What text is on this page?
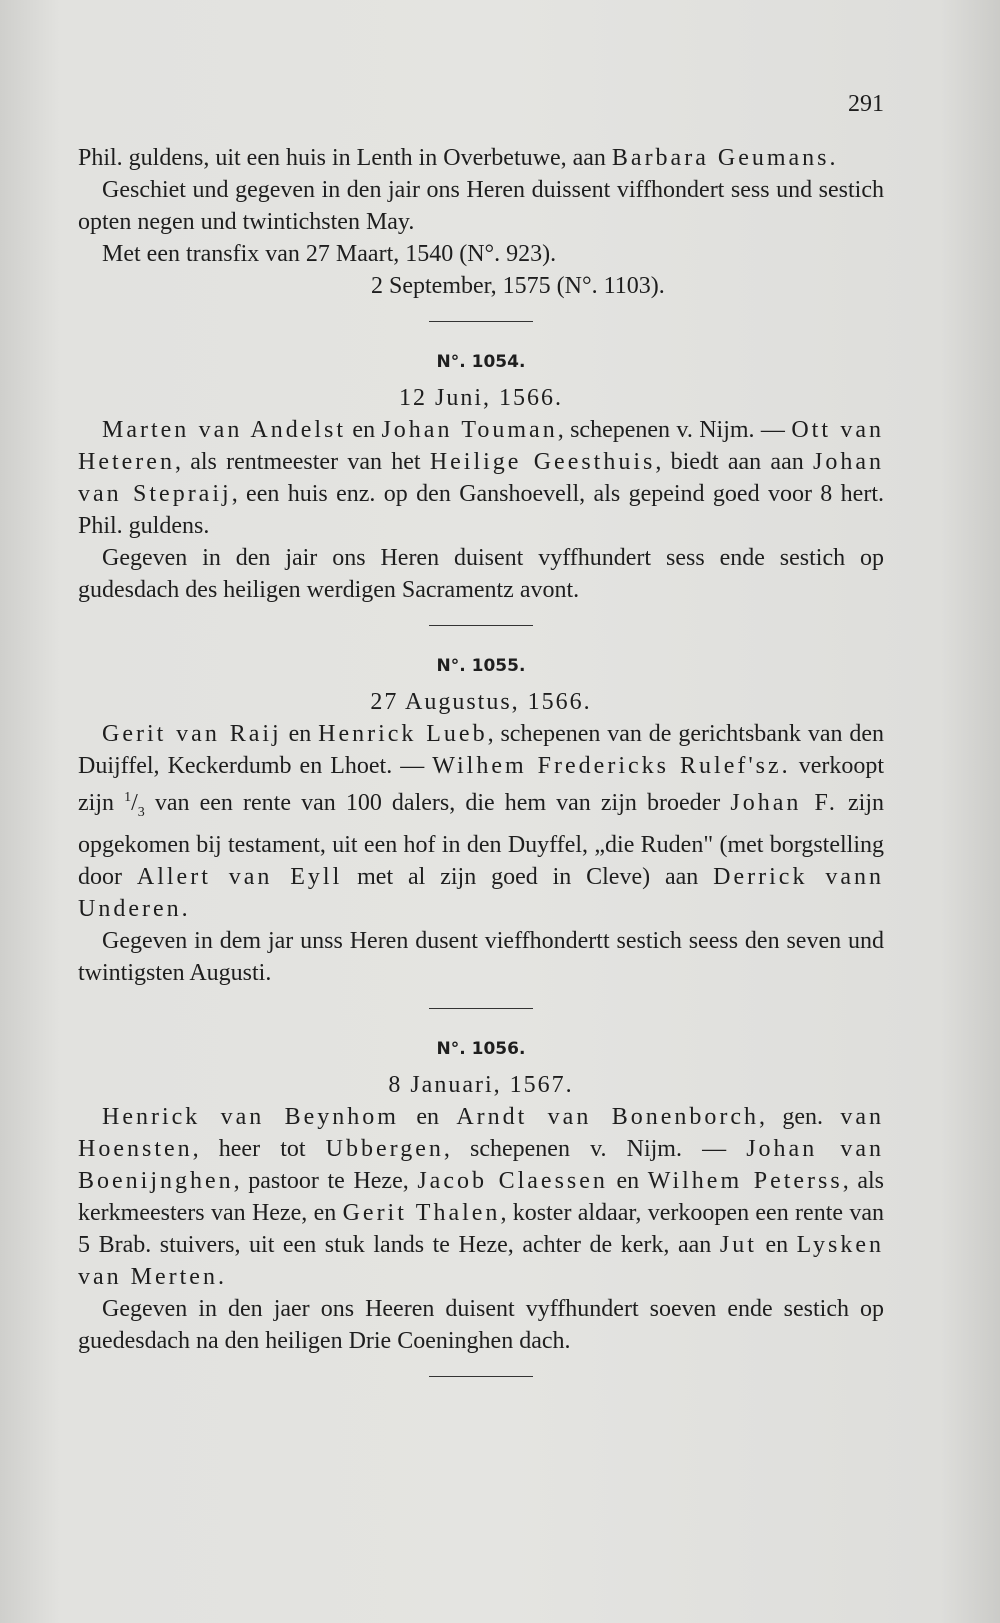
291

Phil. guldens, uit een huis in Lenth in Overbetuwe, aan Barbara Geumans.

Geschiet und gegeven in den jair ons Heren duissent viffhondert sess und sestich opten negen und twintichsten May.

Met een transfix van 27 Maart, 1540 (N°. 923).

2 September, 1575 (N°. 1103).

N°. 1054.
12 Juni, 1566.

Marten van Andelst en Johan Touman, schepenen v. Nijm. — Ott van Heteren, als rentmeester van het Heilige Geesthuis, biedt aan aan Johan van Stepraij, een huis enz. op den Ganshoevell, als gepeind goed voor 8 hert. Phil. guldens.

Gegeven in den jair ons Heren duisent vyffhundert sess ende sestich op gudesdach des heiligen werdigen Sacramentz avont.

N°. 1055.
27 Augustus, 1566.

Gerit van Raij en Henrick Lueb, schepenen van de gerichtsbank van den Duijffel, Keckerdumb en Lhoet. — Wilhem Fredericks Rulef'sz. verkoopt zijn $^1/_3$ van een rente van 100 dalers, die hem van zijn broeder Johan F. zijn opgekomen bij testament, uit een hof in den Duyffel, „die Ruden" (met borgstelling door Allert van Eyll met al zijn goed in Cleve) aan Derrick vann Underen.

Gegeven in dem jar unss Heren dusent vieffhondertt sestich seess den seven und twintigsten Augusti.

N°. 1056.
8 Januari, 1567.

Henrick van Beynhom en Arndt van Bonenborch, gen. van Hoensten, heer tot Ubbergen, schepenen v. Nijm. — Johan van Boenijnghen, pastoor te Heze, Jacob Claessen en Wilhem Peterss, als kerkmeesters van Heze, en Gerit Thalen, koster aldaar, verkoopen een rente van 5 Brab. stuivers, uit een stuk lands te Heze, achter de kerk, aan Jut en Lysken van Merten.

Gegeven in den jaer ons Heeren duisent vyffhundert soeven ende sestich op guedesdach na den heiligen Drie Coeninghen dach.
